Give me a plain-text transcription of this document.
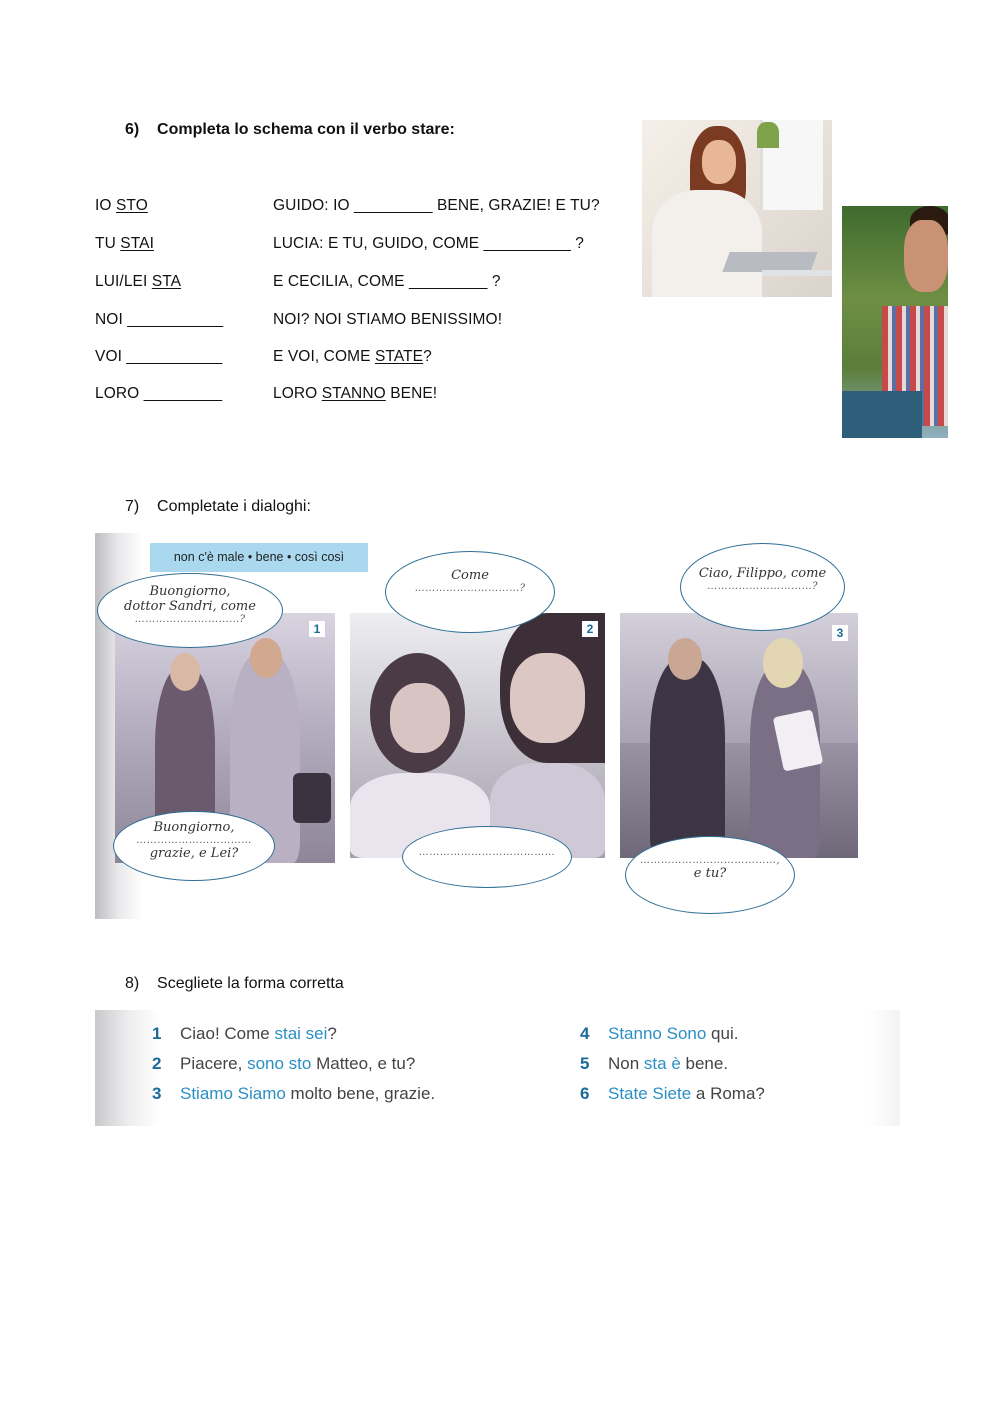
6) Completa lo schema con il verbo stare:
IO STO	GUIDO: IO _________ BENE, GRAZIE! E TU?
TU STAI	LUCIA: E TU, GUIDO, COME __________ ?
LUI/LEI STA	E CECILIA, COME _________ ?
NOI ___________	NOI? NOI STIAMO BENISSIMO!
VOI ___________	E VOI, COME STATE?
LORO _________	LORO STANNO BENE!
7) Completate i dialoghi:
non c'è male • bene • così così
1	2	3
Buongiorno,
dottor Sandri, come
…………………………?
Buongiorno,
……………………………
grazie, e Lei?
Come
…………………………?
…………………………………
Ciao, Filippo, come
…………………………?
…………………………………,
e tu?
8) Scegliete la forma corretta
1 Ciao! Come stai sei?
2 Piacere, sono sto Matteo, e tu?
3 Stiamo Siamo molto bene, grazie.
4 Stanno Sono qui.
5 Non sta è bene.
6 State Siete a Roma?
